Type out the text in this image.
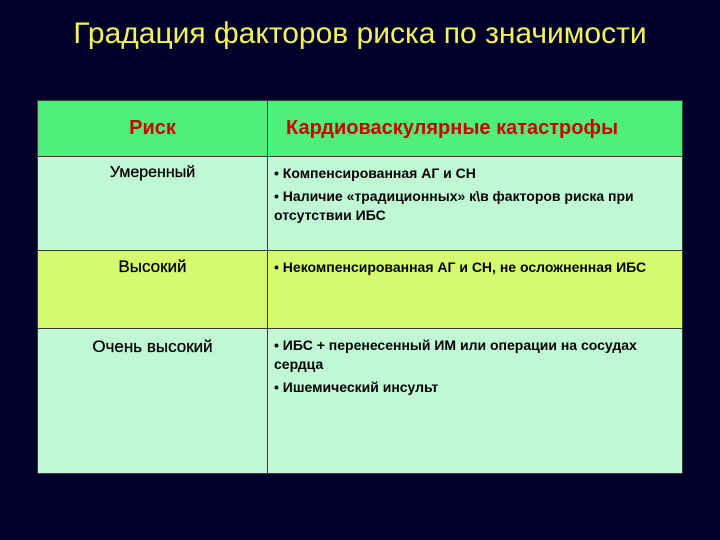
Градация факторов риска по значимости
Риск	Кардиоваскулярные катастрофы
Умеренный	• Компенсированная АГ и СН
• Наличие «традиционных» к\в факторов риска при отсутствии ИБС

Высокий	• Некомпенсированная АГ и СН, не осложненная ИБС

Очень высокий	• ИБС + перенесенный ИМ или операции на сосудах сердца
• Ишемический инсульт
